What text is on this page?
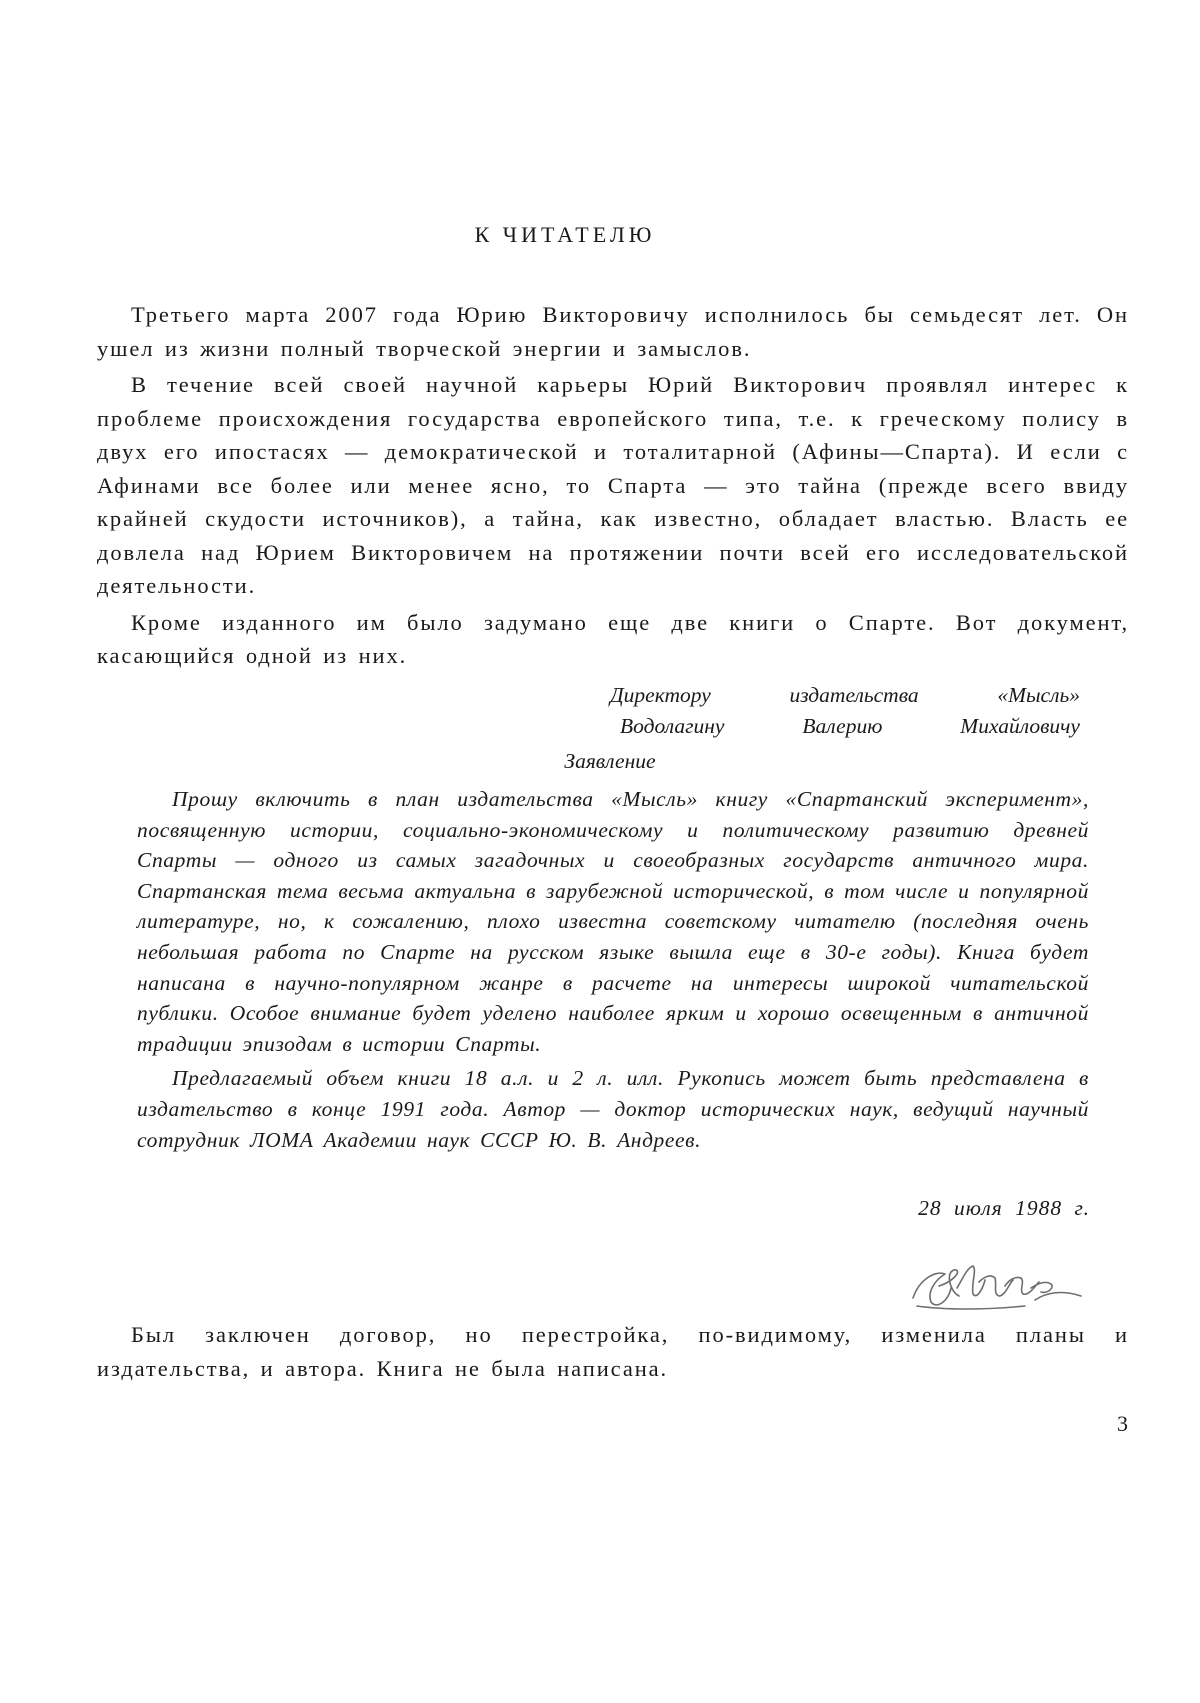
К ЧИТАТЕЛЮ

Третьего марта 2007 года Юрию Викторовичу исполнилось бы семьдесят лет. Он ушел из жизни полный творческой энергии и замыслов.

В течение всей своей научной карьеры Юрий Викторович проявлял интерес к проблеме происхождения государства европейского типа, т.е. к греческому полису в двух его ипостасях — демократической и тоталитарной (Афины—Спарта). И если с Афинами все более или менее ясно, то Спарта — это тайна (прежде всего ввиду крайней скудости источников), а тайна, как известно, обладает властью. Власть ее довлела над Юрием Викторовичем на протяжении почти всей его исследовательской деятельности.

Кроме изданного им было задумано еще две книги о Спарте. Вот документ, касающийся одной из них.

Директору	издательства	«Мысль»
Водолагину	Валерию	Михайловичу
Заявление

Прошу включить в план издательства «Мысль» книгу «Спартанский эксперимент», посвященную истории, социально-экономическому и политическому развитию древней Спарты — одного из самых загадочных и своеобразных государств античного мира. Спартанская тема весьма актуальна в зарубежной исторической, в том числе и популярной литературе, но, к сожалению, плохо известна советскому читателю (последняя очень небольшая работа по Спарте на русском языке вышла еще в 30-е годы). Книга будет написана в научно-популярном жанре в расчете на интересы широкой читательской публики. Особое внимание будет уделено наиболее ярким и хорошо освещенным в античной традиции эпизодам в истории Спарты.

Предлагаемый объем книги 18 а.л. и 2 л. илл. Рукопись может быть представлена в издательство в конце 1991 года. Автор — доктор исторических наук, ведущий научный сотрудник ЛОМА Академии наук СССР Ю. В. Андреев.

28 июля 1988 г.

Был заключен договор, но перестройка, по-видимому, изменила планы и издательства, и автора. Книга не была написана.

3
